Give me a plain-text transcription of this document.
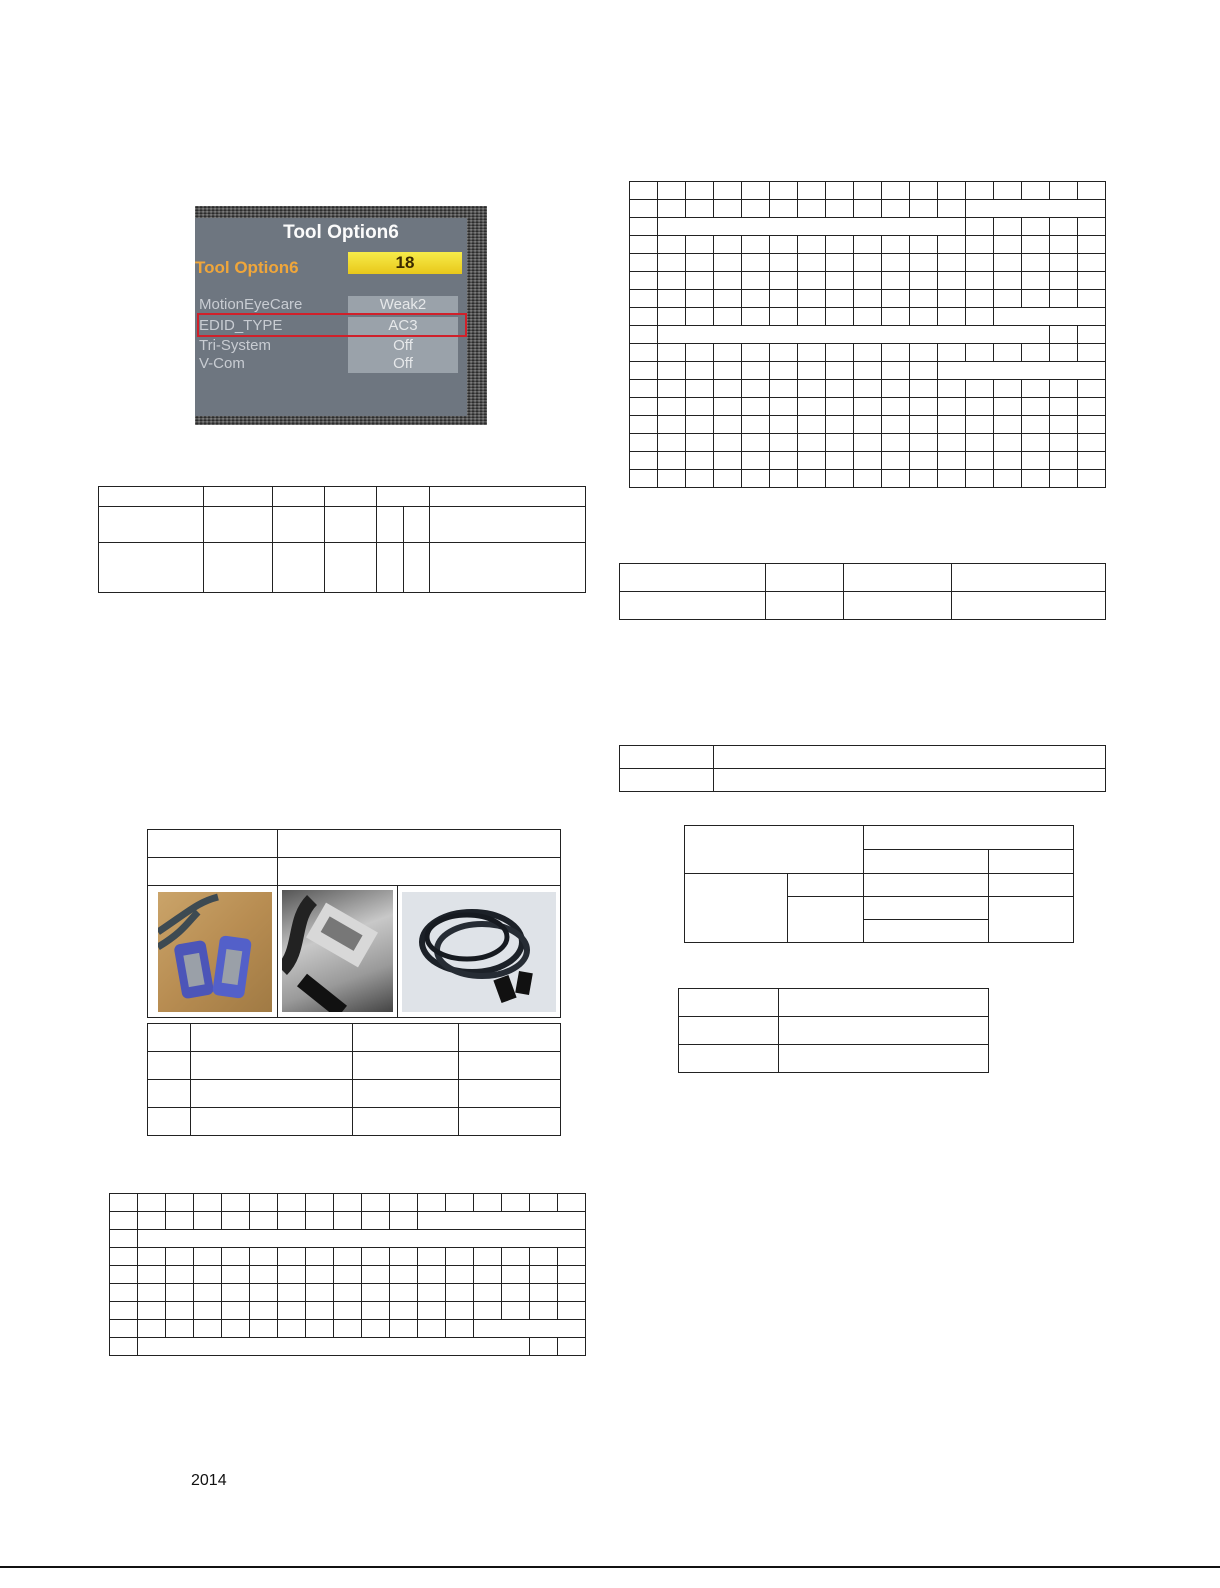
Tool Option6
Tool Option6	18
MotionEyeCare	Weak2
EDID_TYPE	AC3
Tri-System	Off
V-Com	Off

2014
